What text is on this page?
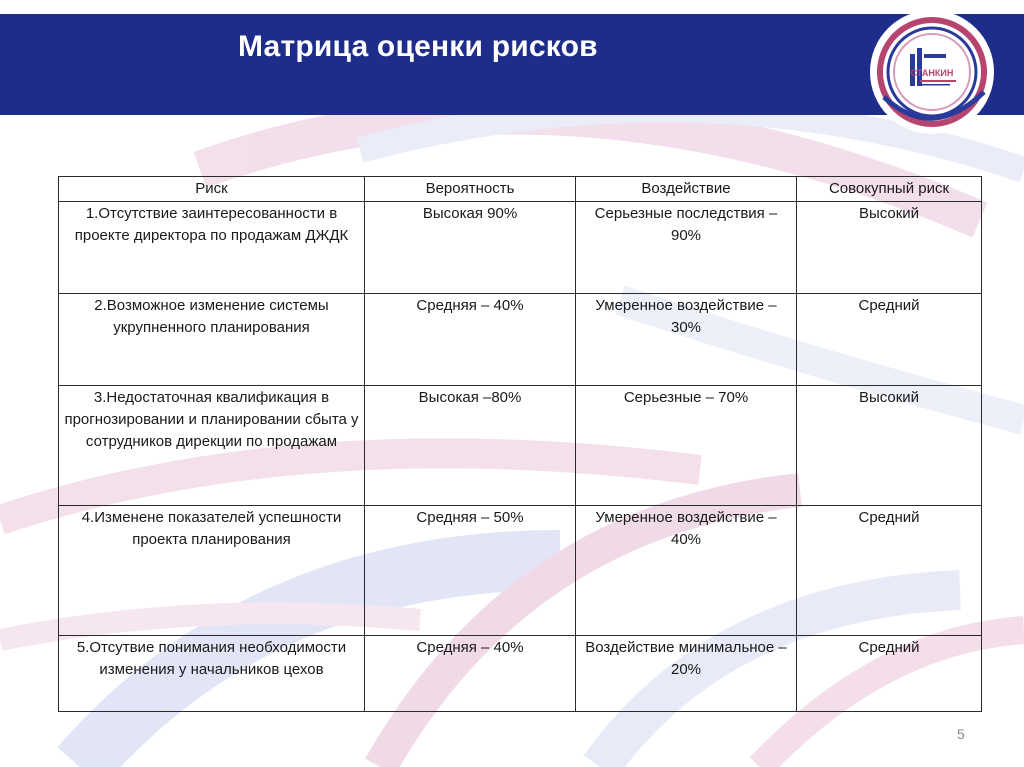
Матрица оценки рисков
СТАНКИН
Риск	Вероятность	Воздействие	Совокупный риск
1.Отсутствие заинтересованности в проекте директора по продажам ДЖДК	Высокая 90%	Серьезные последствия – 90%	Высокий
2.Возможное изменение системы укрупненного планирования	Средняя – 40%	Умеренное воздействие – 30%	Средний
3.Недостаточная квалификация в прогнозировании и планировании сбыта у сотрудников дирекции по продажам	Высокая –80%	Серьезные – 70%	Высокий
4.Изменене показателей успешности проекта планирования	Средняя – 50%	Умеренное воздействие – 40%	Средний
5.Отсутвие понимания необходимости изменения у начальников цехов	Средняя – 40%	Воздействие минимальное – 20%	Средний
5
